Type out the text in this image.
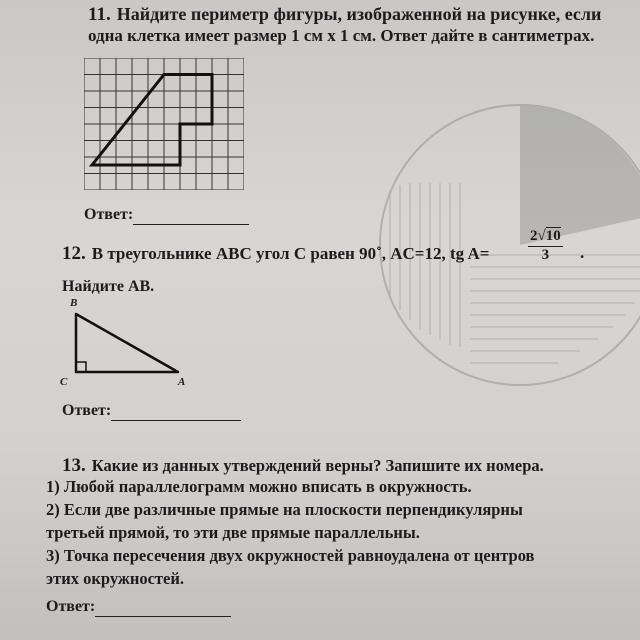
11. Найдите периметр фигуры, изображенной на рисунке, если
одна клетка имеет размер 1 см х 1 см. Ответ дайте в сантиметрах.
Ответ:
12. В треугольнике ABC угол C равен 90˚, AC=12, tg A=	$\frac{2√10}{3}$ .
Найдите AB.
B
C	A
Ответ:
13. Какие из данных утверждений верны? Запишите их номера.
1) Любой параллелограмм можно вписать в окружность.
2) Если две различные прямые на плоскости перпендикулярны
третьей прямой, то эти две прямые параллельны.
3) Точка пересечения двух окружностей равноудалена от центров
этих окружностей.
Ответ:
